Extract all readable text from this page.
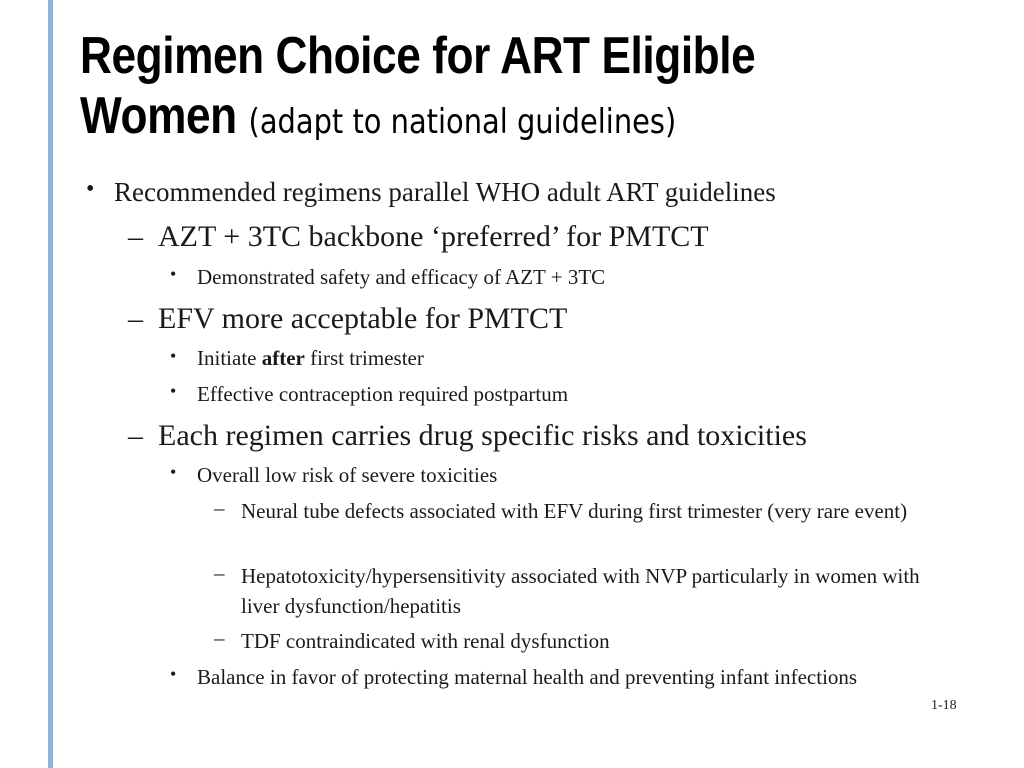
Regimen Choice for ART Eligible Women (adapt to national guidelines)
• Recommended regimens parallel WHO adult ART guidelines
– AZT + 3TC backbone ‘preferred’ for PMTCT
• Demonstrated safety and efficacy of AZT + 3TC
– EFV more acceptable for PMTCT
• Initiate after first trimester
• Effective contraception required postpartum
– Each regimen carries drug specific risks and toxicities
• Overall low risk of severe toxicities
– Neural tube defects associated with EFV during first trimester (very rare event)
– Hepatotoxicity/hypersensitivity associated with NVP particularly in women with liver dysfunction/hepatitis
– TDF contraindicated with renal dysfunction
• Balance in favor of protecting maternal health and preventing infant infections
1-18
